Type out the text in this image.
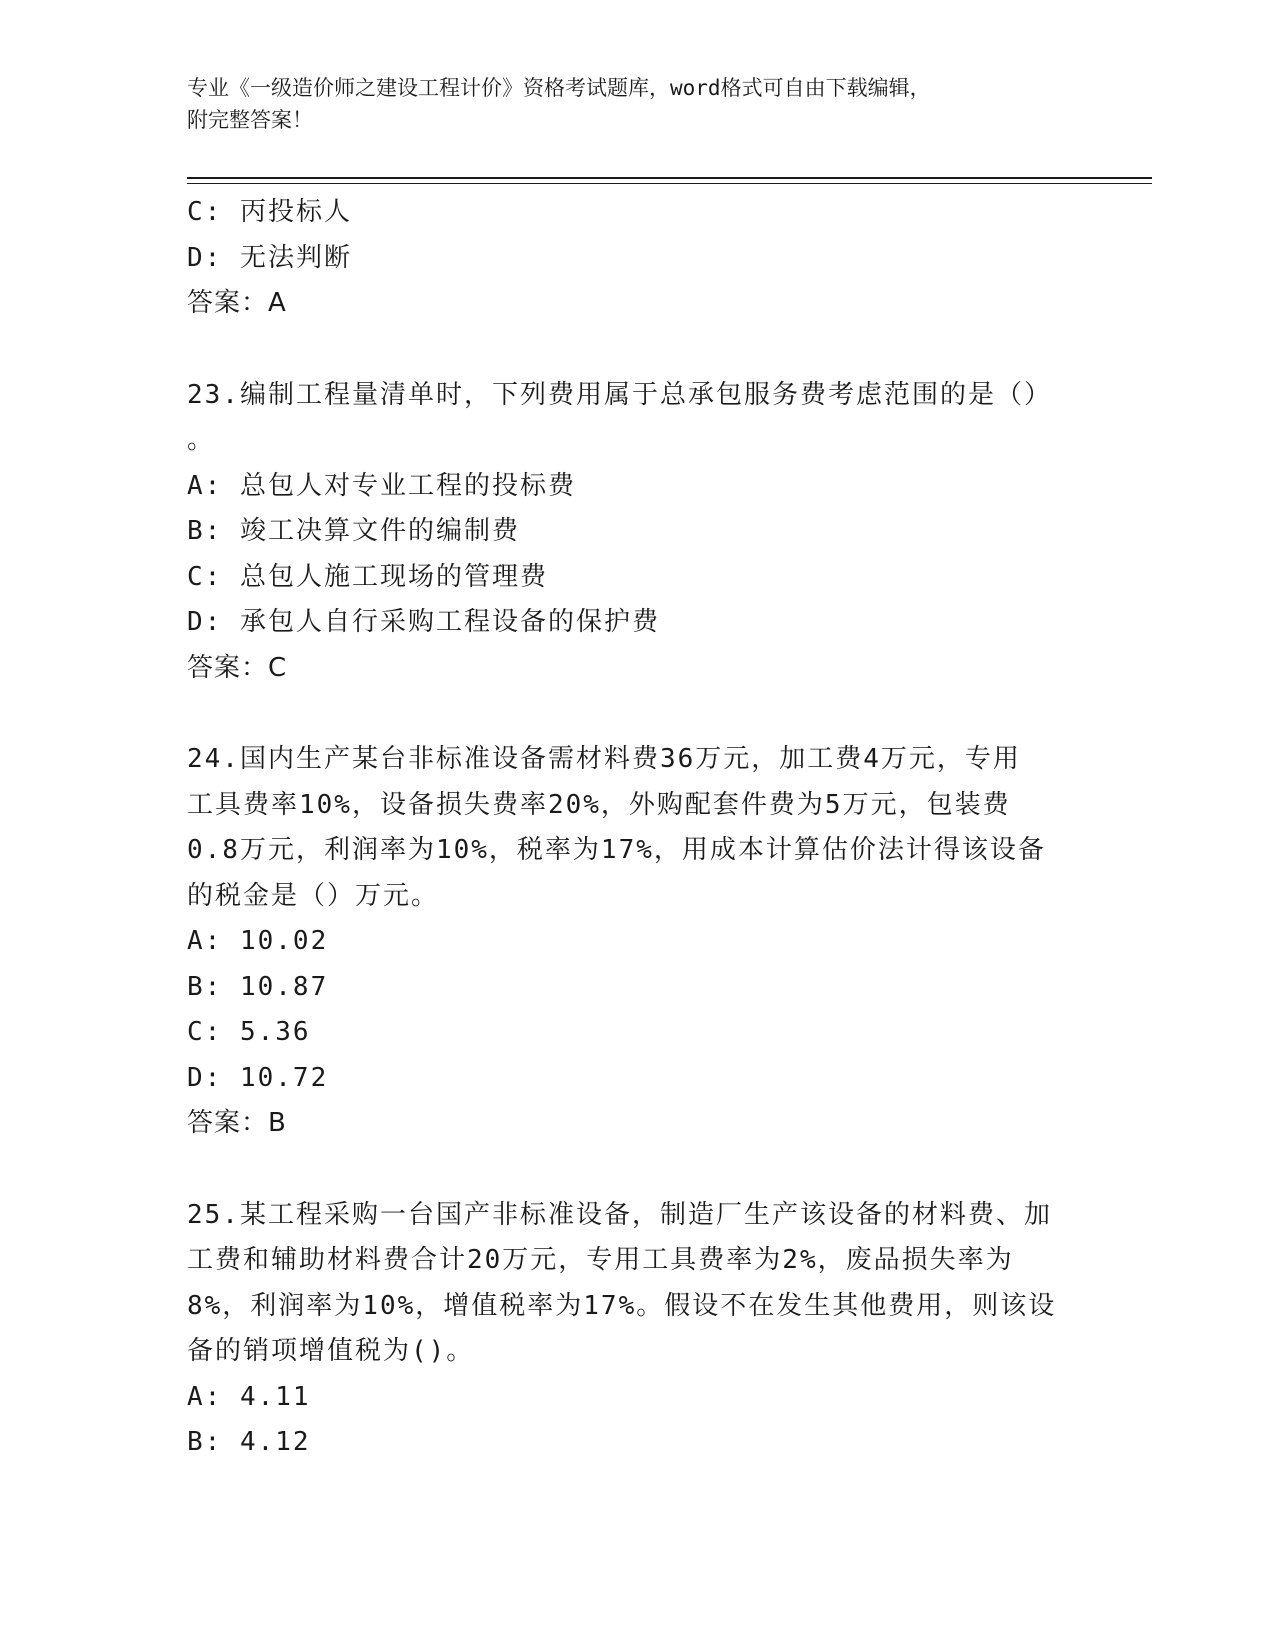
专业《一级造价师之建设工程计价》资格考试题库，word格式可自由下载编辑，
附完整答案！
C: 丙投标人
D: 无法判断
答案：A
23.编制工程量清单时，下列费用属于总承包服务费考虑范围的是（）
。
A: 总包人对专业工程的投标费
B: 竣工决算文件的编制费
C: 总包人施工现场的管理费
D: 承包人自行采购工程设备的保护费
答案：C
24.国内生产某台非标准设备需材料费36万元，加工费4万元，专用
工具费率10%，设备损失费率20%，外购配套件费为5万元，包装费
0.8万元，利润率为10%，税率为17%，用成本计算估价法计得该设备
的税金是（）万元。
A: 10.02
B: 10.87
C: 5.36
D: 10.72
答案：B
25.某工程采购一台国产非标准设备，制造厂生产该设备的材料费、加
工费和辅助材料费合计20万元，专用工具费率为2%，废品损失率为
8%，利润率为10%，增值税率为17%。假设不在发生其他费用，则该设
备的销项增值税为()。
A: 4.11
B: 4.12
